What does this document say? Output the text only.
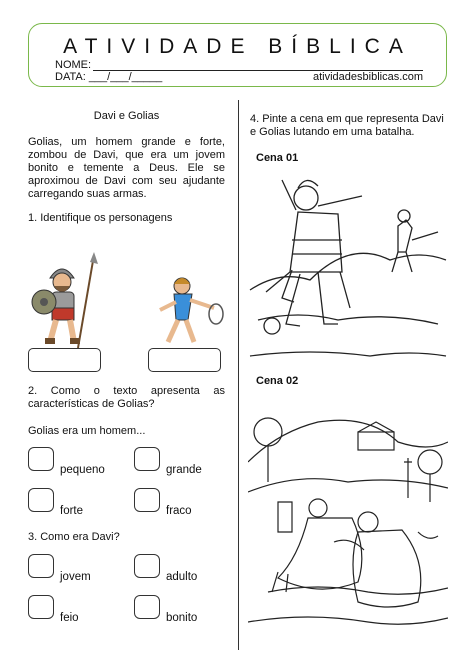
ATIVIDADE BÍBLICA
NOME:
DATA: ___/___/_____	atividadesbiblicas.com
Davi e Golias
Golias, um homem grande e forte, zombou de Davi, que era um jovem bonito e temente a Deus. Ele se aproximou de Davi com seu ajudante carregando suas armas.
1. Identifique os personagens
2. Como o texto apresenta as características de Golias?
Golias era um homem...
pequeno	grande
forte	fraco
3. Como era Davi?
jovem	adulto
feio	bonito
4. Pinte a cena em que representa Davi e Golias lutando em uma batalha.
Cena 01
Cena 02
